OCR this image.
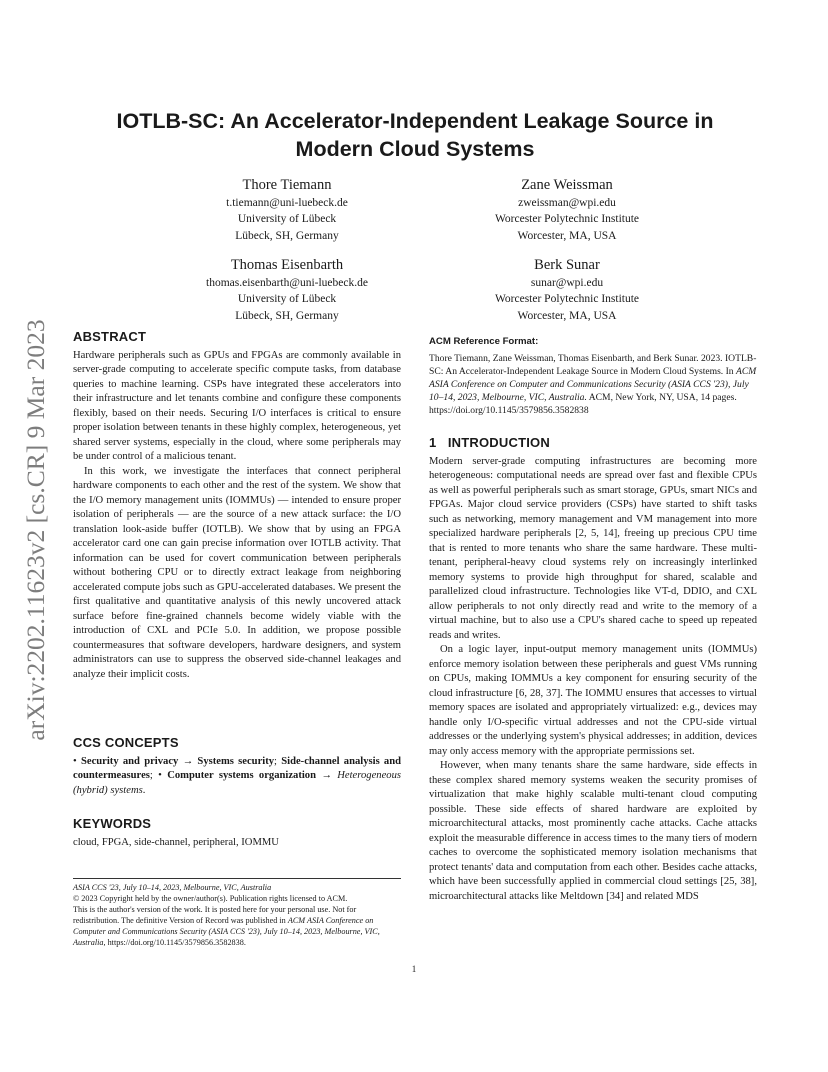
arXiv:2202.11623v2 [cs.CR] 9 Mar 2023
IOTLB-SC: An Accelerator-Independent Leakage Source in Modern Cloud Systems
Thore Tiemann
t.tiemann@uni-luebeck.de
University of Lübeck
Lübeck, SH, Germany
Zane Weissman
zweissman@wpi.edu
Worcester Polytechnic Institute
Worcester, MA, USA
Thomas Eisenbarth
thomas.eisenbarth@uni-luebeck.de
University of Lübeck
Lübeck, SH, Germany
Berk Sunar
sunar@wpi.edu
Worcester Polytechnic Institute
Worcester, MA, USA
ABSTRACT

Hardware peripherals such as GPUs and FPGAs are commonly available in server-grade computing to accelerate specific compute tasks, from database queries to machine learning. CSPs have integrated these accelerators into their infrastructure and let tenants combine and configure these components flexibly, based on their needs. Securing I/O interfaces is critical to ensure proper isolation between tenants in these highly complex, heterogeneous, yet shared server systems, especially in the cloud, where some peripherals may be under control of a malicious tenant.

In this work, we investigate the interfaces that connect peripheral hardware components to each other and the rest of the system. We show that the I/O memory management units (IOMMUs) — intended to ensure proper isolation of peripherals — are the source of a new attack surface: the I/O translation look-aside buffer (IOTLB). We show that by using an FPGA accelerator card one can gain precise information over IOTLB activity. That information can be used for covert communication between peripherals without bothering CPU or to directly extract leakage from neighboring accelerated compute jobs such as GPU-accelerated databases. We present the first qualitative and quantitative analysis of this newly uncovered attack surface before fine-grained channels become widely viable with the introduction of CXL and PCIe 5.0. In addition, we propose possible countermeasures that software developers, hardware designers, and system administrators can use to suppress the observed side-channel leakages and analyze their implicit costs.

CCS CONCEPTS

• Security and privacy → Systems security; Side-channel analysis and countermeasures; • Computer systems organization → Heterogeneous (hybrid) systems.

KEYWORDS

cloud, FPGA, side-channel, peripheral, IOMMU

ASIA CCS '23, July 10–14, 2023, Melbourne, VIC, Australia

© 2023 Copyright held by the owner/author(s). Publication rights licensed to ACM.

This is the author's version of the work. It is posted here for your personal use. Not for redistribution. The definitive Version of Record was published in ACM ASIA Conference on Computer and Communications Security (ASIA CCS '23), July 10–14, 2023, Melbourne, VIC, Australia, https://doi.org/10.1145/3579856.3582838.

ACM Reference Format:

Thore Tiemann, Zane Weissman, Thomas Eisenbarth, and Berk Sunar. 2023. IOTLB-SC: An Accelerator-Independent Leakage Source in Modern Cloud Systems. In ACM ASIA Conference on Computer and Communications Security (ASIA CCS '23), July 10–14, 2023, Melbourne, VIC, Australia. ACM, New York, NY, USA, 14 pages. https://doi.org/10.1145/3579856.3582838

1   INTRODUCTION

Modern server-grade computing infrastructures are becoming more heterogeneous: computational needs are spread over fast and flexible CPUs as well as powerful peripherals such as smart storage, GPUs, smart NICs and FPGAs. Major cloud service providers (CSPs) have started to shift tasks such as networking, memory management and VM management into more specialized hardware peripherals [2, 5, 14], freeing up precious CPU time that is rented to more tenants who share the same hardware. These multi-tenant, peripheral-heavy cloud systems rely on increasingly interlinked memory systems to provide high throughput for shared, scalable and parallelized cloud infrastructure. Technologies like VT-d, DDIO, and CXL allow peripherals to not only directly read and write to the memory of a virtual machine, but to also use a CPU's shared cache to speed up repeated reads and writes.

On a logic layer, input-output memory management units (IOMMUs) enforce memory isolation between these peripherals and guest VMs running on CPUs, making IOMMUs a key component for ensuring security of the cloud infrastructure [6, 28, 37]. The IOMMU ensures that accesses to virtual memory spaces are isolated and appropriately virtualized: e.g., devices may handle only I/O-specific virtual addresses and not the CPU-side virtual addresses or the underlying system's physical addresses; in addition, devices may only access memory with the appropriate permissions set.

However, when many tenants share the same hardware, side effects in these complex shared memory systems weaken the security promises of virtualization that make highly scalable multi-tenant cloud computing possible. These side effects of shared hardware are exploited by microarchitectural attacks, most prominently cache attacks. Cache attacks exploit the measurable difference in access times to the many tiers of modern caches to overcome the sophisticated memory isolation mechanisms that protect tenants' data and computation from each other. Besides cache attacks, which have been successfully applied in commercial cloud settings [25, 38], microarchitectural attacks like Meltdown [34] and related MDS

1
